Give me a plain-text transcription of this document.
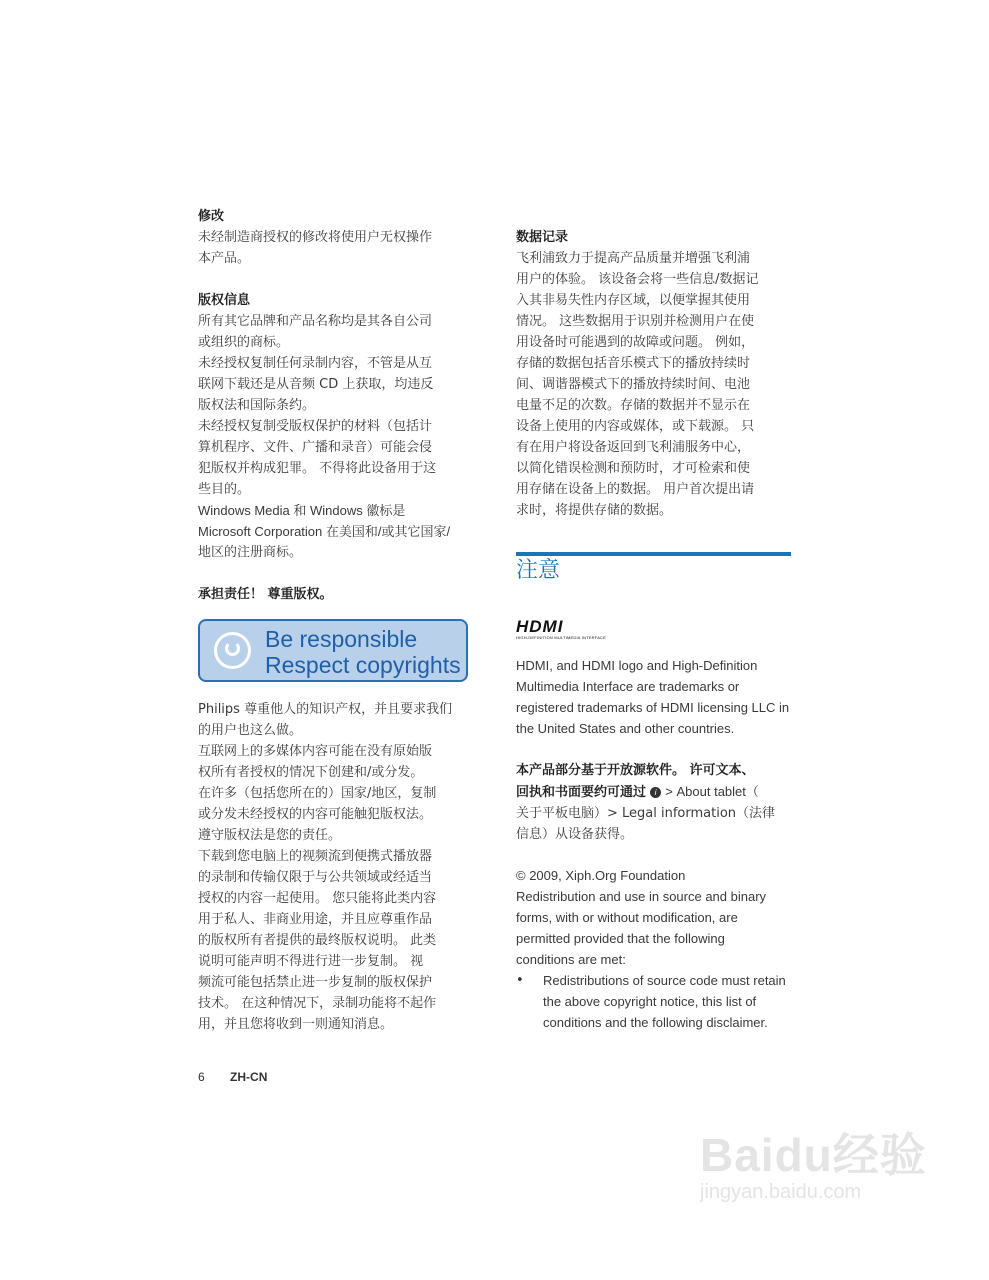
修改
未经制造商授权的修改将使用户无权操作
本产品。
版权信息
所有其它品牌和产品名称均是其各自公司
或组织的商标。
未经授权复制任何录制内容，不管是从互
联网下载还是从音频 CD 上获取，均违反
版权法和国际条约。
未经授权复制受版权保护的材料（包括计
算机程序、文件、广播和录音）可能会侵
犯版权并构成犯罪。 不得将此设备用于这
些目的。
Windows Media 和 Windows 徽标是
Microsoft Corporation 在美国和/或其它国家/
地区的注册商标。
承担责任！ 尊重版权。
Be responsible
Respect copyrights
Philips 尊重他人的知识产权，并且要求我们
的用户也这么做。
互联网上的多媒体内容可能在没有原始版
权所有者授权的情况下创建和/或分发。
在许多（包括您所在的）国家/地区，复制
或分发未经授权的内容可能触犯版权法。
遵守版权法是您的责任。
下载到您电脑上的视频流到便携式播放器
的录制和传输仅限于与公共领域或经适当
授权的内容一起使用。 您只能将此类内容
用于私人、非商业用途，并且应尊重作品
的版权所有者提供的最终版权说明。 此类
说明可能声明不得进行进一步复制。 视
频流可能包括禁止进一步复制的版权保护
技术。 在这种情况下，录制功能将不起作
用，并且您将收到一则通知消息。
数据记录
飞利浦致力于提高产品质量并增强飞利浦
用户的体验。 该设备会将一些信息/数据记
入其非易失性内存区域，以便掌握其使用
情况。 这些数据用于识别并检测用户在使
用设备时可能遇到的故障或问题。 例如，
存储的数据包括音乐模式下的播放持续时
间、调谐器模式下的播放持续时间、电池
电量不足的次数。存储的数据并不显示在
设备上使用的内容或媒体，或下载源。 只
有在用户将设备返回到飞利浦服务中心，
以简化错误检测和预防时，才可检索和使
用存储在设备上的数据。 用户首次提出请
求时，将提供存储的数据。
注意
HDMI
HIGH-DEFINITION MULTIMEDIA INTERFACE
HDMI, and HDMI logo and High-Definition
Multimedia Interface are trademarks or
registered trademarks of HDMI licensing LLC in
the United States and other countries.
本产品部分基于开放源软件。 许可文本、
回执和书面要约可通过 i > About tablet（
关于平板电脑）> Legal information（法律
信息）从设备获得。
© 2009, Xiph.Org Foundation
Redistribution and use in source and binary
forms, with or without modification, are
permitted provided that the following
conditions are met:
• Redistributions of source code must retain
the above copyright notice, this list of
conditions and the following disclaimer.
6 ZH-CN
Baidu经验
jingyan.baidu.com
